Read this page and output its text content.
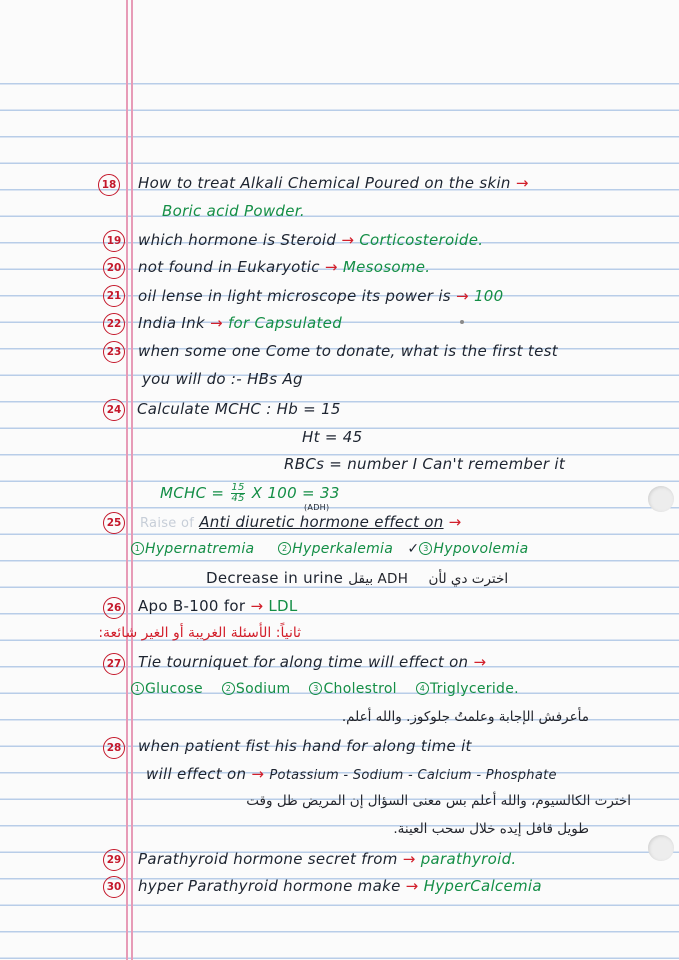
18 How to treat Alkali Chemical Poured on the skin →
Boric acid Powder.
19 which hormone is Steroid → Corticosteroide.
20 not found in Eukaryotic → Mesosome.
21 oil lense in light microscope its power is → 100
22 India Ink → for Capsulated
23 when some one Come to donate, what is the first test
you will do :- HBs Ag
24 Calculate MCHC : Hb = 15
Ht = 45
RBCs = number I Can't remember it
MCHC = $\frac{15}{45}$ X 100 = 33
25 Raise of Anti diuretic hormone effect on →
(ADH)
1 Hypernatremia	2 Hyperkalemia ✓ 3 Hypovolemia
Decrease in urine بيقل ADH اخترت دي لأن
26 Apo B-100 for → LDL
ثانياً: الأسئلة الغريبة أو الغير شائعة:
27 Tie tourniquet for along time will effect on →
1 Glucose	2 Sodium	3 Cholestrol	4 Triglyceride.
مأعرفش الإجابة وعلمتُ جلوكوز. والله أعلم.
28 when patient fist his hand for along time it
will effect on → Potassium - Sodium - Calcium - Phosphate
اخترت الكالسيوم، والله أعلم بس معنى السؤال إن المريض ظل وقت
طويل قافل إيده خلال سحب العينة.
29 Parathyroid hormone secret from → parathyroid.
30 hyper Parathyroid hormone make → HyperCalcemia
